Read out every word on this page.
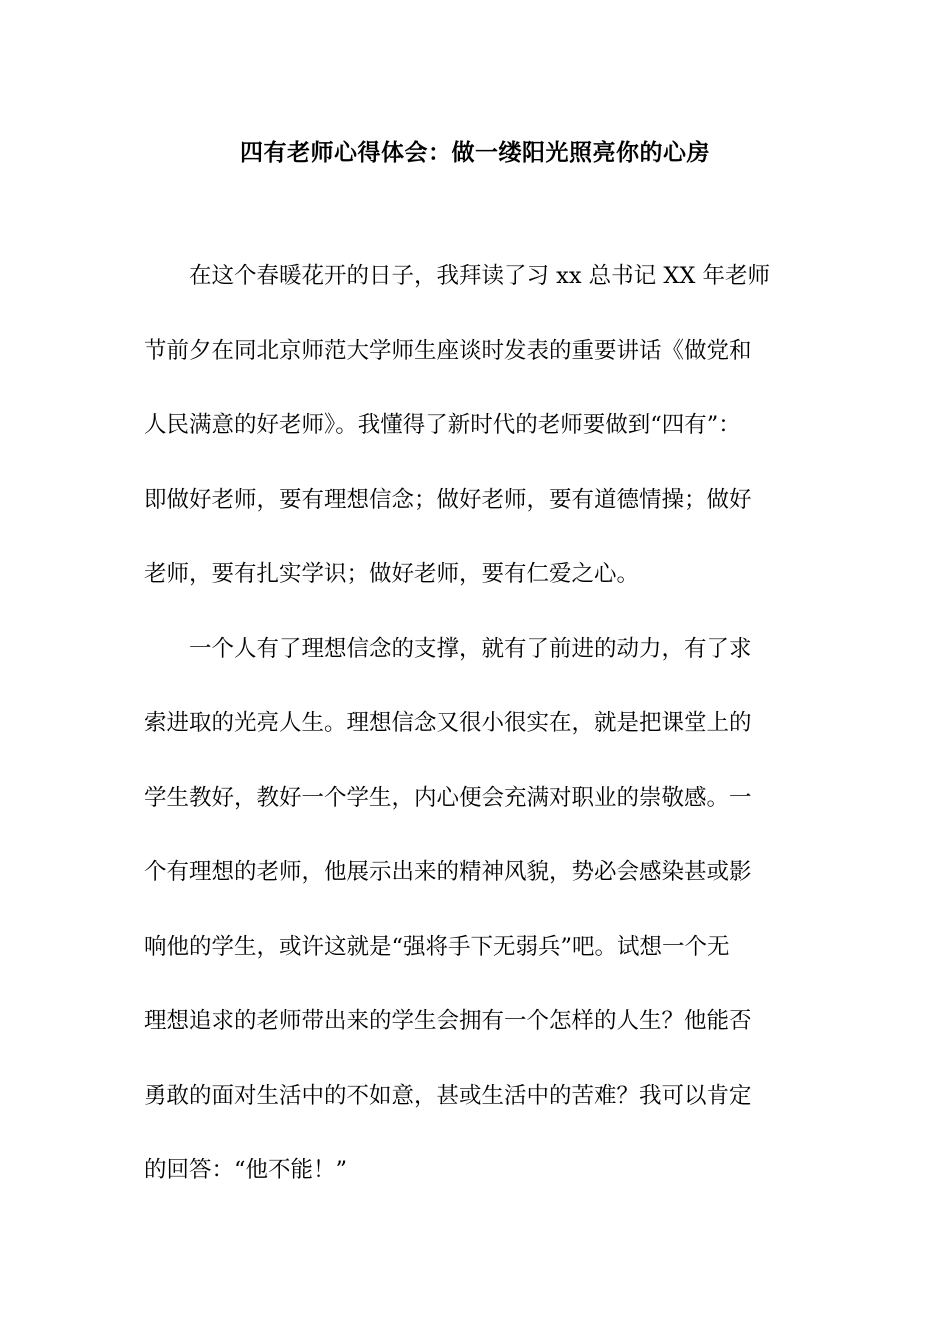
四有老师心得体会：做一缕阳光照亮你的心房
　　在这个春暖花开的日子，我拜读了习 xx 总书记 XX 年老师
节前夕在同北京师范大学师生座谈时发表的重要讲话《做党和
人民满意的好老师》。我懂得了新时代的老师要做到“四有”：
即做好老师，要有理想信念；做好老师，要有道德情操；做好
老师，要有扎实学识；做好老师，要有仁爱之心。
　　一个人有了理想信念的支撑，就有了前进的动力，有了求
索进取的光亮人生。理想信念又很小很实在，就是把课堂上的
学生教好，教好一个学生，内心便会充满对职业的崇敬感。一
个有理想的老师，他展示出来的精神风貌，势必会感染甚或影
响他的学生，或许这就是“强将手下无弱兵”吧。试想一个无
理想追求的老师带出来的学生会拥有一个怎样的人生？他能否
勇敢的面对生活中的不如意，甚或生活中的苦难？我可以肯定
的回答：“他不能！”
